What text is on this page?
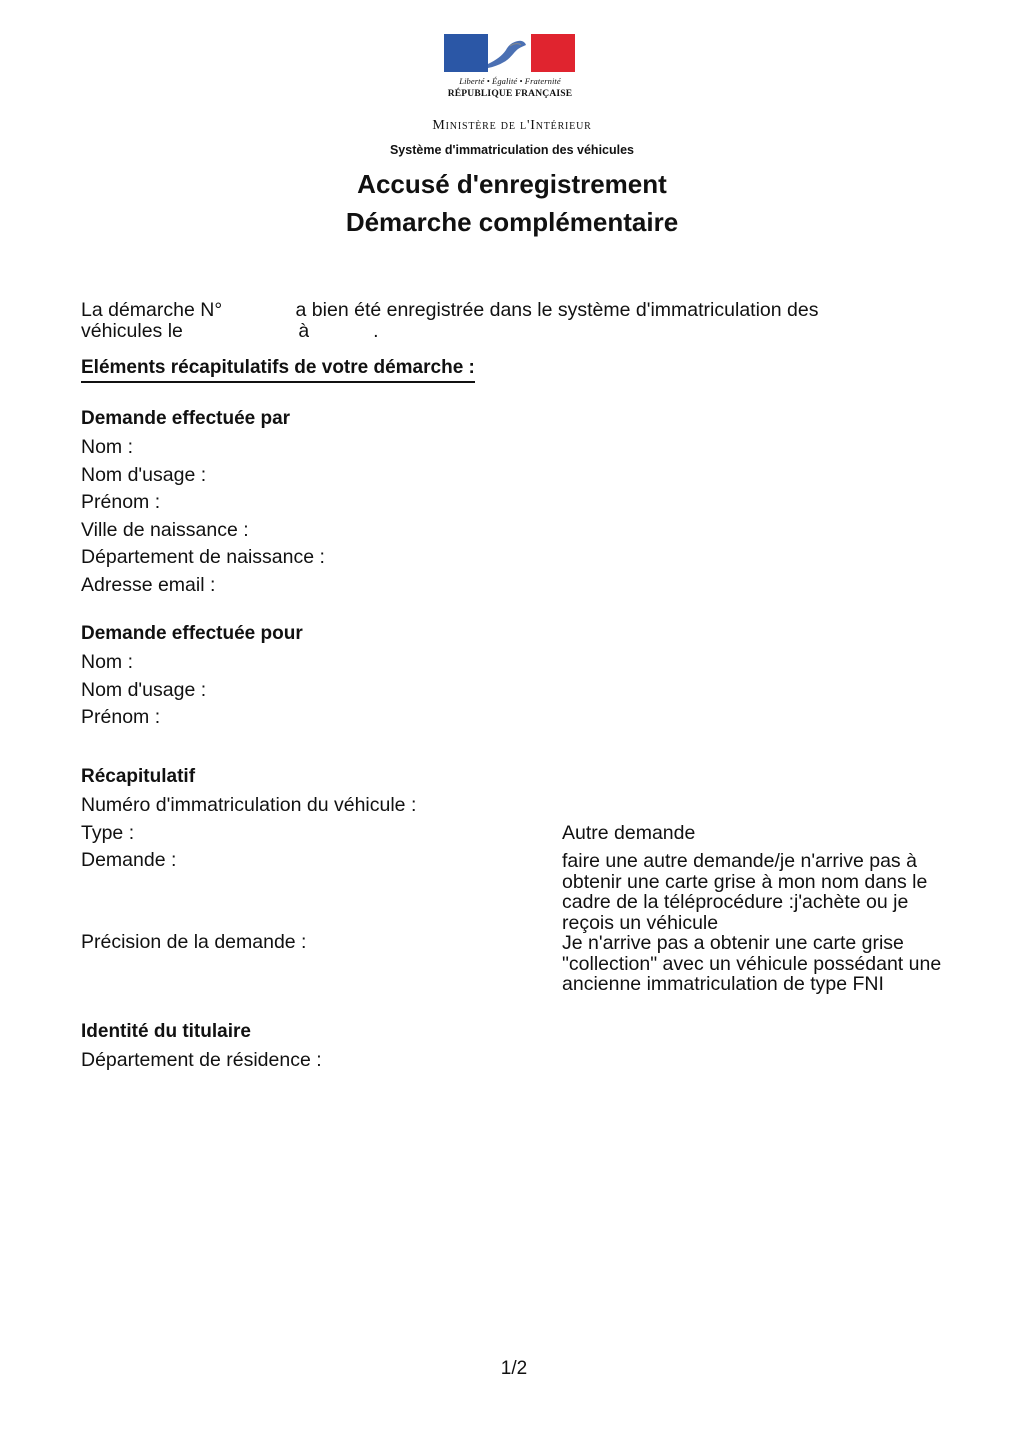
Liberté • Égalité • Fraternité
RÉPUBLIQUE FRANÇAISE
Ministère de l'Intérieur
Système d'immatriculation des véhicules
Accusé d'enregistrement
Démarche complémentaire
La démarche N°	a bien été enregistrée dans le système d'immatriculation des véhicules le	à	.
Eléments récapitulatifs de votre démarche :
Demande effectuée par
Nom :
Nom d'usage :
Prénom :
Ville de naissance :
Département de naissance :
Adresse email :
Demande effectuée pour
Nom :
Nom d'usage :
Prénom :
Récapitulatif
Numéro d'immatriculation du véhicule :
Type :	Autre demande
Demande :	faire une autre demande/je n'arrive pas à obtenir une carte grise à mon nom dans le cadre de la téléprocédure :j'achète ou je reçois un véhicule
Précision de la demande :	Je n'arrive pas a obtenir une carte grise "collection" avec un véhicule possédant une ancienne immatriculation de type FNI
Identité du titulaire
Département de résidence :
1/2
